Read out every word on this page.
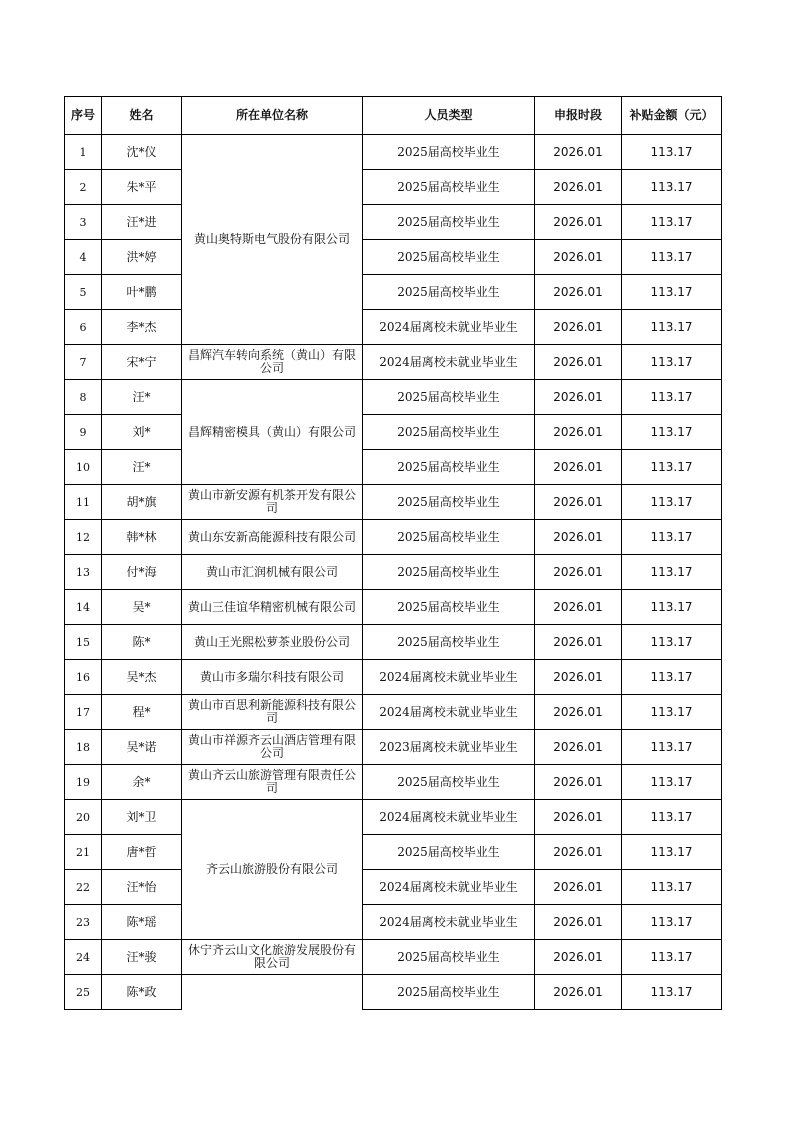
序号	姓名	所在单位名称	人员类型	申报时段	补贴金额（元）
1	沈*仪	黄山奥特斯电气股份有限公司	2025届高校毕业生	2026.01	113.17
2	朱*平		2025届高校毕业生	2026.01	113.17
3	汪*进		2025届高校毕业生	2026.01	113.17
4	洪*婷		2025届高校毕业生	2026.01	113.17
5	叶*鹏		2025届高校毕业生	2026.01	113.17
6	李*杰		2024届离校未就业毕业生	2026.01	113.17
7	宋*宁	昌辉汽车转向系统（黄山）有限公司	2024届离校未就业毕业生	2026.01	113.17
8	汪*	昌辉精密模具（黄山）有限公司	2025届高校毕业生	2026.01	113.17
9	刘*		2025届高校毕业生	2026.01	113.17
10	汪*		2025届高校毕业生	2026.01	113.17
11	胡*旗	黄山市新安源有机茶开发有限公司	2025届高校毕业生	2026.01	113.17
12	韩*林	黄山东安新高能源科技有限公司	2025届高校毕业生	2026.01	113.17
13	付*海	黄山市汇润机械有限公司	2025届高校毕业生	2026.01	113.17
14	吴*	黄山三佳谊华精密机械有限公司	2025届高校毕业生	2026.01	113.17
15	陈*	黄山王光熙松萝茶业股份公司	2025届高校毕业生	2026.01	113.17
16	吴*杰	黄山市多瑞尔科技有限公司	2024届离校未就业毕业生	2026.01	113.17
17	程*	黄山市百思利新能源科技有限公司	2024届离校未就业毕业生	2026.01	113.17
18	吴*诺	黄山市祥源齐云山酒店管理有限公司	2023届离校未就业毕业生	2026.01	113.17
19	余*	黄山齐云山旅游管理有限责任公司	2025届高校毕业生	2026.01	113.17
20	刘*卫	齐云山旅游股份有限公司	2024届离校未就业毕业生	2026.01	113.17
21	唐*哲		2025届高校毕业生	2026.01	113.17
22	汪*怡		2024届离校未就业毕业生	2026.01	113.17
23	陈*瑶		2024届离校未就业毕业生	2026.01	113.17
24	汪*骏	休宁齐云山文化旅游发展股份有限公司	2025届高校毕业生	2026.01	113.17
25	陈*政		2025届高校毕业生	2026.01	113.17
